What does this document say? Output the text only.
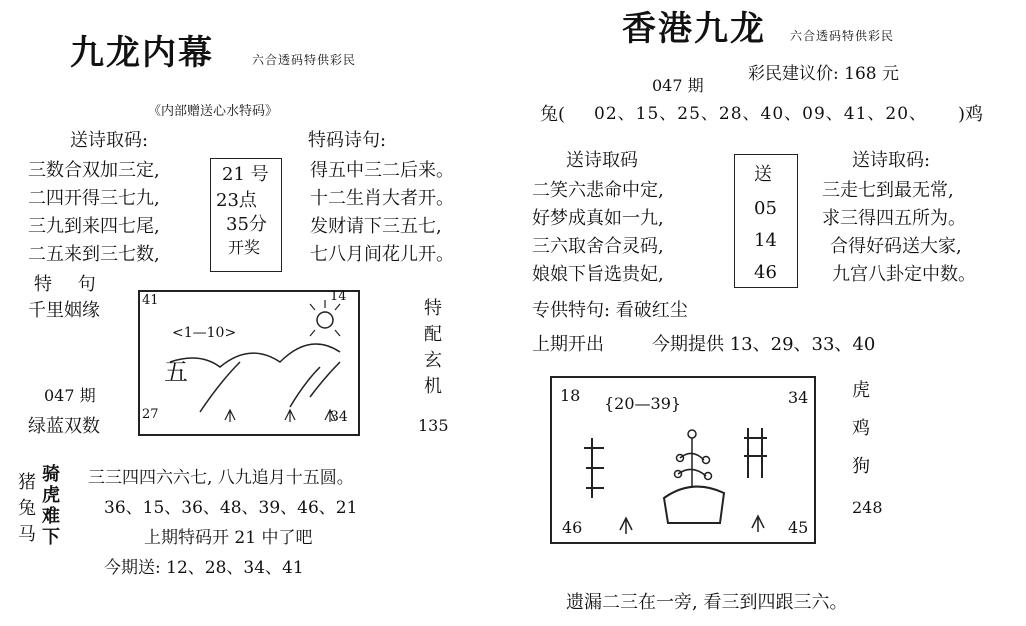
九龙内幕	六合透码特供彩民
《内部赠送心水特码》
送诗取码:
三数合双加三定,
二四开得三七九,
三九到来四七尾,
二五来到三七数,
21 号
23点
35分
开奖
特码诗句:
得五中三二后来。
十二生肖大者开。
发财请下三五七,
七八月间花儿开。
特 句
千里姻缘
047 期
绿蓝双数
41	14
27	34
<1—10>
五
特
配
玄
机
135
猪
兔
马
骑
虎
难
下
三三四四六六七, 八九追月十五圆。
36、15、36、48、39、46、21
上期特码开 21 中了吧
今期送: 12、28、34、41
香港九龙 六合透码特供彩民
047 期
彩民建议价: 168 元
兔( 02、15、25、28、40、09、41、20、 )鸡
送诗取码	送诗取码:
二笑六悲命中定,
好梦成真如一九,
三六取舍合灵码,
娘娘下旨选贵妃,
送
05
14
46
三走七到最无常,
求三得四五所为。
合得好码送大家,
九宫八卦定中数。
专供特句: 看破红尘
上期开出	今期提供 13、29、33、40
18	34
46	45
{20—39}
虎
鸡
狗
248
遗漏二三在一旁, 看三到四跟三六。
